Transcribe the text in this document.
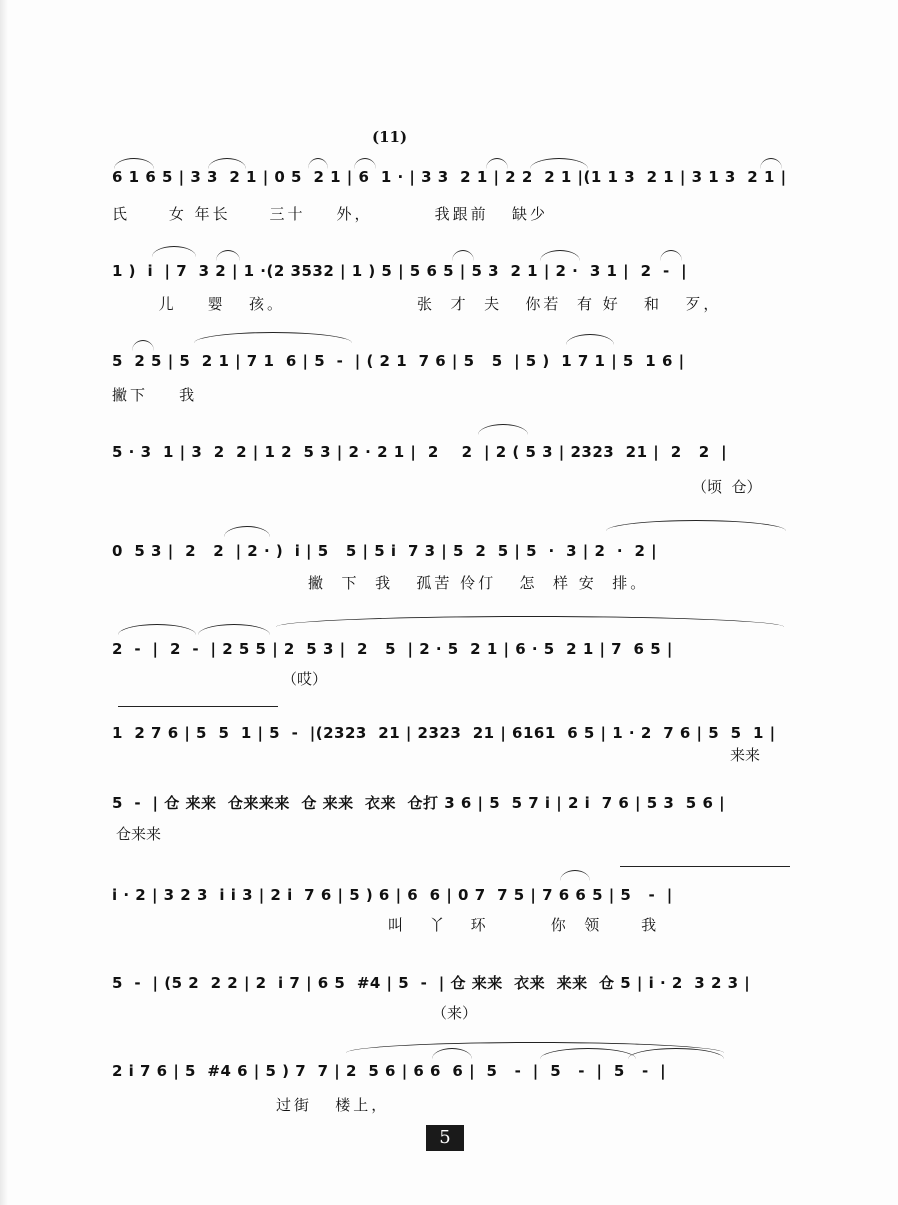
(11)
6 1 6 5 | 3 3  2 1 | 0 5  2 1 | 6  1 · | 3 3  2 1 | 2 2  2 1 |(1 1 3  2 1 | 3 1 3  2 1 |
氏     女 年长     三十    外，        我跟前   缺少
1 )  i  | 7  3 2 | 1 ·(2 3532 | 1 ) 5 | 5 6 5 | 5 3  2 1 | 2 ·  3 1 |  2  -  |
儿    婴   孩。                 张  才  夫   你若  有 好   和   歹，
5  2 5 | 5  2 1 | 7 1  6 | 5  -  | ( 2 1  7 6 | 5   5  | 5 )  1 7 1 | 5  1 6 |
撇下    我
5 · 3  1 | 3  2  2 | 1 2  5 3 | 2 · 2 1 |  2    2  | 2 ( 5 3 | 2323  21 |  2   2  |
（顷  仓）
0  5 3 |  2   2  | 2 · )  i | 5   5 | 5 i  7 3 | 5  2  5 | 5  ·  3 | 2  ·  2 |
撇  下  我   孤苦 伶仃   怎  样 安  排。
2  -  |  2  -  | 2 5 5 | 2  5 3 |  2   5  | 2 · 5  2 1 | 6 · 5  2 1 | 7  6 5 |
（哎）
1  2 7 6 | 5  5  1 | 5  -  |(2323  21 | 2323  21 | 6161  6 5 | 1 · 2  7 6 | 5  5  1 |
来来
5  -  | 仓 来来  仓来来来  仓 来来  衣来  仓打 3 6 | 5  5 7 i | 2 i  7 6 | 5 3  5 6 |
仓来来
i · 2 | 3 2 3  i i 3 | 2 i  7 6 | 5 ) 6 | 6  6 | 0 7  7 5 | 7 6 6 5 | 5   -  |
叫   丫   环        你  领     我
5  -  | (5 2  2 2 | 2  i 7 | 6 5  #4 | 5  -  | 仓 来来  衣来  来来  仓 5 | i · 2  3 2 3 |
（来）
2 i 7 6 | 5  #4 6 | 5 ) 7  7 | 2  5 6 | 6 6  6 |  5   -  |  5   -  |  5   -  |
过街   楼上，
5
